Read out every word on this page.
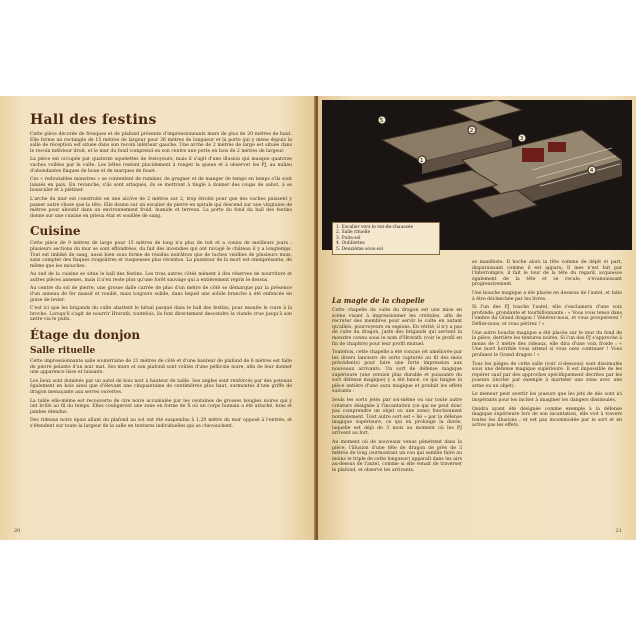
Hall des festins

Cette pièce décorée de fresques et de plafond présente d'impressionnants murs de plus de 20 mètres de haut. Elle forme un rectangle de 15 mètres de largeur pour 36 mètres de longueur et la porte qui y mène depuis la salle de réception est située dans son recoin inférieur gauche. Une arche de 2 mètres de large est située dans le recoin inférieur droit, et le mur du fond comprend en son centre une porte en bois de 2 mètres de largeur.

La pièce est occupée par quatorze squelettes de festoyeurs, mais il s'agit d'une illusion qui masque quatorze vaches voilées par le culte. Les bêtes restent placidement à ronger la queue et à observer les PJ, au milieu d'abondantes flaques de boue et de marques de fouet.

Ces « redoutables monstres » se contentent de ruminer, de grogner et de manger de temps en temps s'ils sont laissés en paix. En revanche, s'ils sont attaqués, ils se mettront à tingle à donner des coups de sabot, à se bousculer et à piétiner.

L'arche du mur est construite en une alcôve de 2 mètres sur 2, trop étroite pour que des vaches puissent y passer autre chose que la tête. Elle donne sur un escalier de pierre en spirale qui descend sur une vingtaine de mètres pour aboutir dans un environnement froid, humide et terreux. La porte du fond du hall des festins donne sur une cuisine en piteux état et souillée de sang.

Cuisine

Cette pièce de 9 mètres de large pour 15 mètres de long n'a plus de toit et a connu de meilleurs jours : plusieurs sections du mur se sont effondrées, du fait des incendies qui ont ravagé le château il y a longtemps. Tout est imbibé de sang, aussi bien sous forme de résidus noirâtres que de taches vieillies de plusieurs mois, sans compter des flaques rougeâtres et visqueuses plus récentes. La puanteur de la mort est omniprésente, de même que les mouches.

Au sud de la cuisine se situe le hall des festins. Les trois autres côtés mènent à des réserves de nourriture et autres pièces annexes, mais il n'en reste plus qu'une forêt sauvage qui a entièrement repris le dessus.

Au centre du sol de pierre, une grosse dalle carrée de plus d'un mètre de côté se démarque par la présence d'un anneau de fer massif et rouillé, mais toujours solide, dans lequel une solide branche a été enfoncée en guise de levier.

C'est ici que les brigands du culte abattent le bétail parqué dans le hall des festins, pour ensuite le cuire à la broche. Lorsqu'il s'agit de nourrir Hrorath, toutefois, ils font directement descendre la viande crue jusqu'à son antre via le puits.

Étage du donjon
Salle rituelle

Cette impressionnante salle souterraine de 21 mètres de côté et d'une hauteur de plafond de 6 mètres est faite de pierre pelante d'un noir mat. Ses murs et son plafond sont voûtés d'une pellicule noire, afin de leur donner une apparence lisse et luisante.

Les lieux sont dominés par un autel de bois noir à hauteur de taille. Ses angles sont renforcés par des poteaux également en bois ainsi que d'élevant une cinquantaine de centimètres plus haut, surmontés d'une griffe de dragon menaçante aux serres ouvertes.

La table elle-même est recouverte de cire noire accumulée par les centaines de grosses bougies noires qui y ont brûlé au fil du temps. Elles couligeront une zone en forme de X où un corps humain a été attaché, bras et jambes étendus.

Des rideaux noirs épais allant du plafond au sol ont été suspendus à 1,20 mètre du mur opposé à l'entrée, et s'étendent sur toute la largeur de la salle en tentures individuelles qui se chevauchent.

20
1
2
3
4
5
1. Escalier vers le rez-de-chaussée
2. Salle rituelle
3. Puits-sol
4. Oubliettes
5. Deuxième sous-sol
La magie de la chapelle

Cette chapelle du culte du dragon est une mise en scène visant à impressionner les crédules, afin de recruter des membres pour servir le culte en autant qu'alliés, pourvoyeurs ou espions. En vérité, il n'y a pas de culte du dragon, juste des brigands qui servent la monstre connu sous le nom d'Hrorath (voir le profil en fin de chapitre) pour leur profit mutuel.

Toutefois, cette chapelle a été conçue (et améliorée par les divers lanceurs de sorts capturés au fil des mois précédents) pour faire une forte impression aux nouveaux arrivants. Un sort de défense magique supérieure (une version plus durable et puissante du sort défense magique) y a été lancé, ce qui baigne la pièce entière d'une aura magique et produit les effets suivants :

Seuls les sorts jetés par soi-même ou sur toute autre créature désignée à l'incantation (ce qui ne peut donc pas comprendre un objet ou une zone) fonctionnent normalement. Tout autre sort est « lié » par la défense magique supérieure, ce qui en prolonge la durée, laquelle est déjà de 3 mois au moment où les PJ arrivent au fort.

Au moment où de nouveaux venus pénètrent dans la pièce, l'illusion d'une tête de dragon de près de 3 mètres de long (surmontant un cou qui semble faire au moins le triple de cette longueur) apparaît dans les airs au-dessus de l'autel, comme si elle venait de traverser le plafond, et observe les arrivants.

se manifeste. Il hoche alors la tête comme de dépit et part, disparaissant comme il est apparu. Il mes n'est fait par l'interrompre, il fait le tour de la tête du regard, acquiesce également de la tête et se recule, s'évanouissant progressivement.

Une bouche magique a été placée en dessous de l'autel, et faite à être déclenchée par les livres.

Si l'un des PJ touche l'autel, elle s'exclamera d'une voix profonde, grondante et tourbillonnante : « Vous vous tenez dans l'ombre du Grand dragon ! Vénérez-nous, et vous prospérerez ! Défiez-nous, et vous périrez ! »

Une autre bouche magique a été placée sur le mur du fond de la pièce, derrière les tentures noires. Si l'un des PJ s'approche à moins de 3 mètre des rideaux, elle dira d'une voix froide : « Une mort horrible vous attend si vous osez continuer ! Vous profanez le Grand dragon ! »

Tous les pièges de cette salle (voir ci-dessous) sont dissimulés sous une défense magique supérieure. Il est impossible de les repérer sauf par des approches spécifiquement décrites par les joueurs (inciter par exemple à marteler une zone avec une arme ou un objet).

Le meneur peut avertir les joueurs que les jets de dés sont ici inopérants pour les inciter à imaginer les dangers dissimulés.

Quidra ayant été désignée comme exemple à la défense magique supérieure lors de son incantation, elle voit à travers toutes les illusions ; et est pas incommodée par le sort et en active pas les effets.

21
